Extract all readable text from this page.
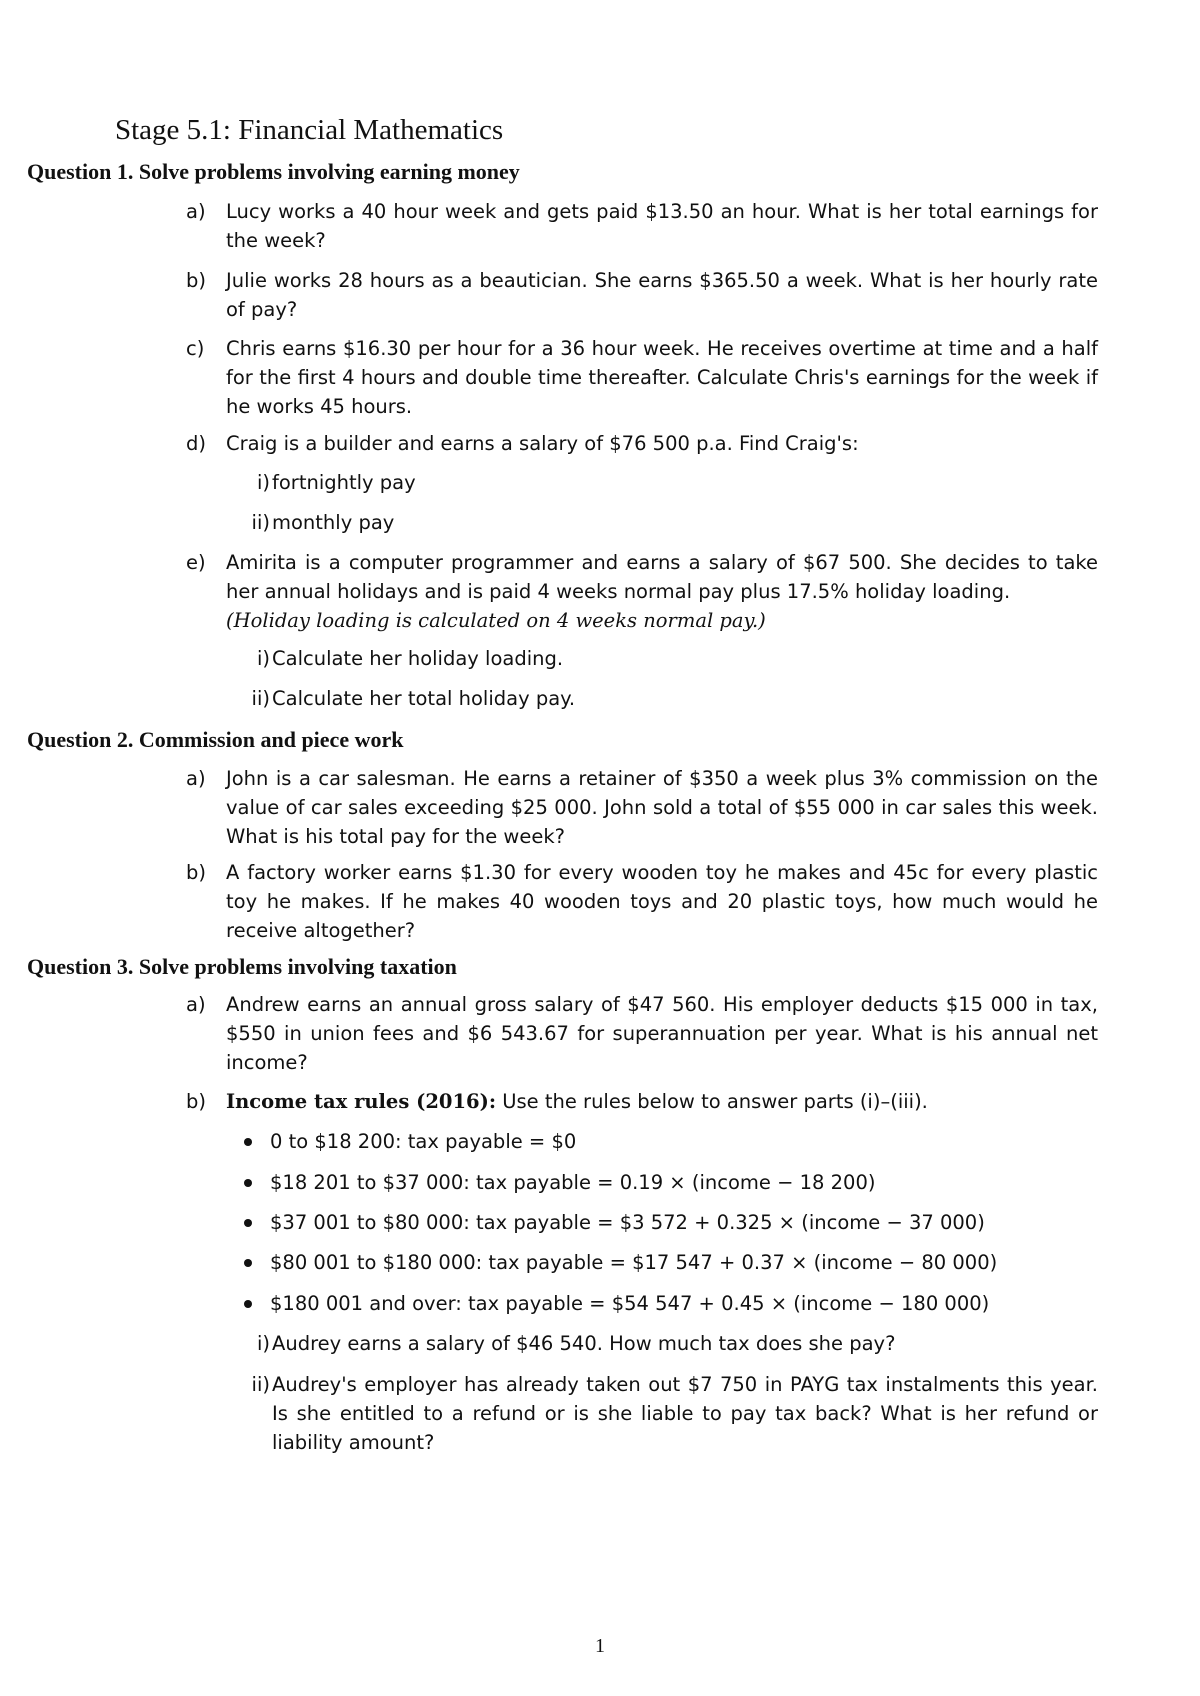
Stage 5.1: Financial Mathematics
Question 1. Solve problems involving earning money
a)	Lucy works a 40 hour week and gets paid $13.50 an hour. What is her total earnings for the week?
b)	Julie works 28 hours as a beautician. She earns $365.50 a week. What is her hourly rate of pay?
c)	Chris earns $16.30 per hour for a 36 hour week. He receives overtime at time and a half for the first 4 hours and double time thereafter. Calculate Chris's earnings for the week if he works 45 hours.
d)	Craig is a builder and earns a salary of $76 500 p.a. Find Craig's:
i) fortnightly pay
ii) monthly pay
e)	Amirita is a computer programmer and earns a salary of $67 500. She decides to take her annual holidays and is paid 4 weeks normal pay plus 17.5% holiday loading.
(Holiday loading is calculated on 4 weeks normal pay.)
i) Calculate her holiday loading.
ii) Calculate her total holiday pay.
Question 2. Commission and piece work
a)	John is a car salesman. He earns a retainer of $350 a week plus 3% commission on the value of car sales exceeding $25 000. John sold a total of $55 000 in car sales this week. What is his total pay for the week?
b)	A factory worker earns $1.30 for every wooden toy he makes and 45c for every plastic toy he makes. If he makes 40 wooden toys and 20 plastic toys, how much would he receive altogether?
Question 3. Solve problems involving taxation
a)	Andrew earns an annual gross salary of $47 560. His employer deducts $15 000 in tax, $550 in union fees and $6 543.67 for superannuation per year. What is his annual net income?
b)	Income tax rules (2016): Use the rules below to answer parts (i)–(iii).
0 to $18 200: tax payable = $0
$18 201 to $37 000: tax payable = 0.19 × (income − 18 200)
$37 001 to $80 000: tax payable = $3 572 + 0.325 × (income − 37 000)
$80 001 to $180 000: tax payable = $17 547 + 0.37 × (income − 80 000)
$180 001 and over: tax payable = $54 547 + 0.45 × (income − 180 000)
i) Audrey earns a salary of $46 540. How much tax does she pay?
ii) Audrey's employer has already taken out $7 750 in PAYG tax instalments this year. Is she entitled to a refund or is she liable to pay tax back? What is her refund or liability amount?
1
